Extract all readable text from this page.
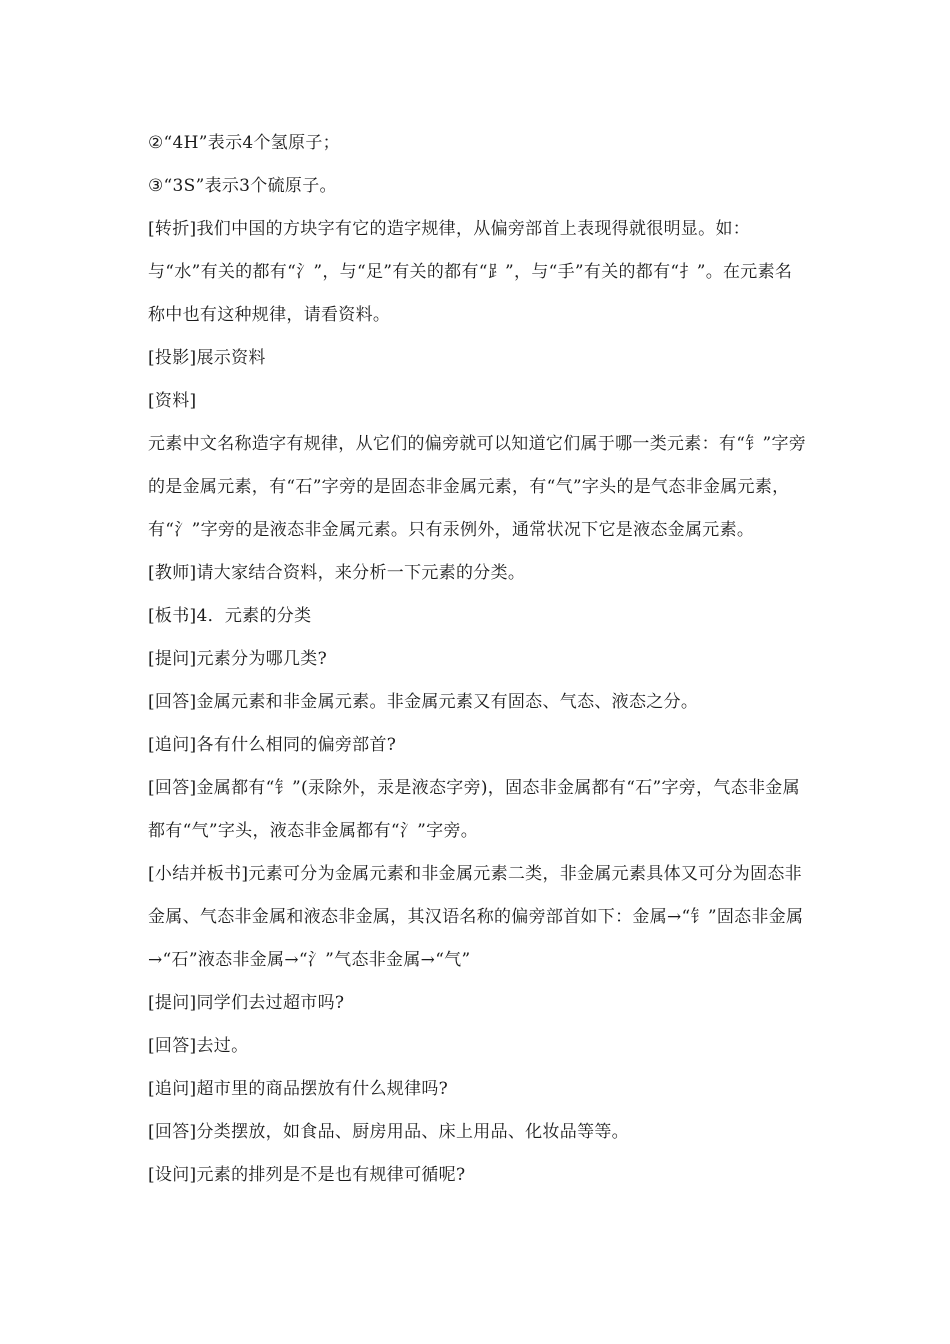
②“4H”表示4个氢原子；

③“3S”表示3个硫原子。

[转折]我们中国的方块字有它的造字规律，从偏旁部首上表现得就很明显。如：与“水”有关的都有“氵”，与“足”有关的都有“⻊”，与“手”有关的都有“扌”。在元素名称中也有这种规律，请看资料。

[投影]展示资料

[资料]

元素中文名称造字有规律，从它们的偏旁就可以知道它们属于哪一类元素：有“钅”字旁的是金属元素，有“石”字旁的是固态非金属元素，有“气”字头的是气态非金属元素，有“氵”字旁的是液态非金属元素。只有汞例外，通常状况下它是液态金属元素。

[教师]请大家结合资料，来分析一下元素的分类。

[板书]4．元素的分类

[提问]元素分为哪几类?

[回答]金属元素和非金属元素。非金属元素又有固态、气态、液态之分。

[追问]各有什么相同的偏旁部首?

[回答]金属都有“钅”(汞除外，汞是液态字旁)，固态非金属都有“石”字旁，气态非金属都有“气”字头，液态非金属都有“氵”字旁。

[小结并板书]元素可分为金属元素和非金属元素二类，非金属元素具体又可分为固态非金属、气态非金属和液态非金属，其汉语名称的偏旁部首如下：金属→“钅”固态非金属→“石”液态非金属→“氵”气态非金属→“气”

[提问]同学们去过超市吗?

[回答]去过。

[追问]超市里的商品摆放有什么规律吗?

[回答]分类摆放，如食品、厨房用品、床上用品、化妆品等等。

[设问]元素的排列是不是也有规律可循呢?
